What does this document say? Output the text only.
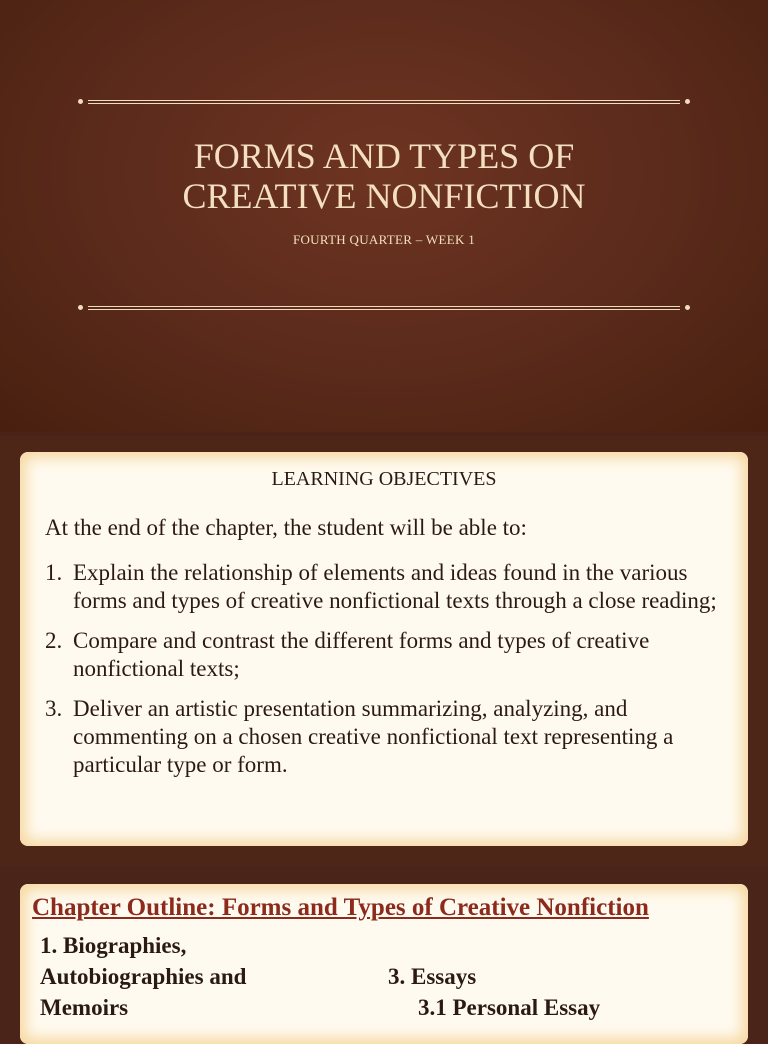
FORMS AND TYPES OF
CREATIVE NONFICTION
FOURTH QUARTER – WEEK 1
LEARNING OBJECTIVES
At the end of the chapter, the student will be able to:
1. Explain the relationship of elements and ideas found in the various forms and types of creative nonfictional texts through a close reading;
2. Compare and contrast the different forms and types of creative nonfictional texts;
3. Deliver an artistic presentation summarizing, analyzing, and commenting on a chosen creative nonfictional text representing a particular type or form.
Chapter Outline: Forms and Types of Creative Nonfiction
1. Biographies, Autobiographies and Memoirs
3. Essays
3.1 Personal Essay
